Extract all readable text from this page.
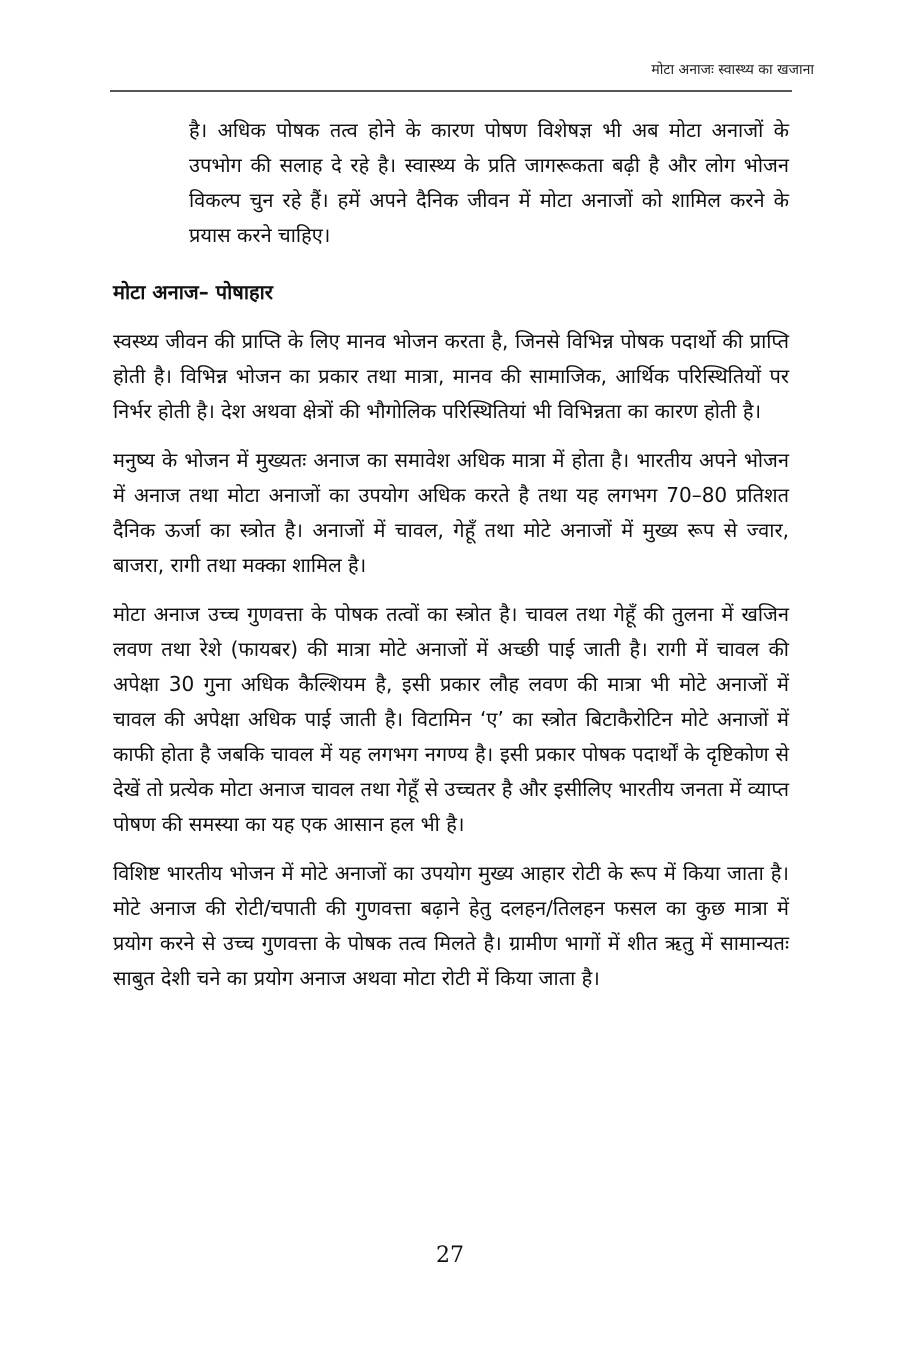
मोटा अनाजः स्वास्थ्य का खजाना

है। अधिक पोषक तत्व होने के कारण पोषण विशेषज्ञ भी अब मोटा अनाजों के उपभोग की सलाह दे रहे है। स्वास्थ्य के प्रति जागरूकता बढ़ी है और लोग भोजन विकल्प चुन रहे हैं। हमें अपने दैनिक जीवन में मोटा अनाजों को शामिल करने के प्रयास करने चाहिए।

मोटा अनाज– पोषाहार

स्वस्थ्य जीवन की प्राप्ति के लिए मानव भोजन करता है, जिनसे विभिन्न पोषक पदार्थो की प्राप्ति होती है। विभिन्न भोजन का प्रकार तथा मात्रा, मानव की सामाजिक, आर्थिक परिस्थितियों पर निर्भर होती है। देश अथवा क्षेत्रों की भौगोलिक परिस्थितियां भी विभिन्नता का कारण होती है।

मनुष्य के भोजन में मुख्यतः अनाज का समावेश अधिक मात्रा में होता है। भारतीय अपने भोजन में अनाज तथा मोटा अनाजों का उपयोग अधिक करते है तथा यह लगभग 70–80 प्रतिशत दैनिक ऊर्जा का स्त्रोत है। अनाजों में चावल, गेहूँ तथा मोटे अनाजों में मुख्य रूप से ज्वार, बाजरा, रागी तथा मक्का शामिल है।

मोटा अनाज उच्च गुणवत्ता के पोषक तत्वों का स्त्रोत है। चावल तथा गेहूँ की तुलना में खजिन लवण तथा रेशे (फायबर) की मात्रा मोटे अनाजों में अच्छी पाई जाती है। रागी में चावल की अपेक्षा 30 गुना अधिक कैल्शियम है, इसी प्रकार लौह लवण की मात्रा भी मोटे अनाजों में चावल की अपेक्षा अधिक पाई जाती है। विटामिन ‘ए’ का स्त्रोत बिटाकैरोटिन मोटे अनाजों में काफी होता है जबकि चावल में यह लगभग नगण्य है। इसी प्रकार पोषक पदार्थों के दृष्टिकोण से देखें तो प्रत्येक मोटा अनाज चावल तथा गेहूँ से उच्चतर है और इसीलिए भारतीय जनता में व्याप्त पोषण की समस्या का यह एक आसान हल भी है।

विशिष्ट भारतीय भोजन में मोटे अनाजों का उपयोग मुख्य आहार रोटी के रूप में किया जाता है। मोटे अनाज की रोटी/चपाती की गुणवत्ता बढ़ाने हेतु दलहन/तिलहन फसल का कुछ मात्रा में प्रयोग करने से उच्च गुणवत्ता के पोषक तत्व मिलते है। ग्रामीण भागों में शीत ऋतु में सामान्यतः साबुत देशी चने का प्रयोग अनाज अथवा मोटा रोटी में किया जाता है।

27
